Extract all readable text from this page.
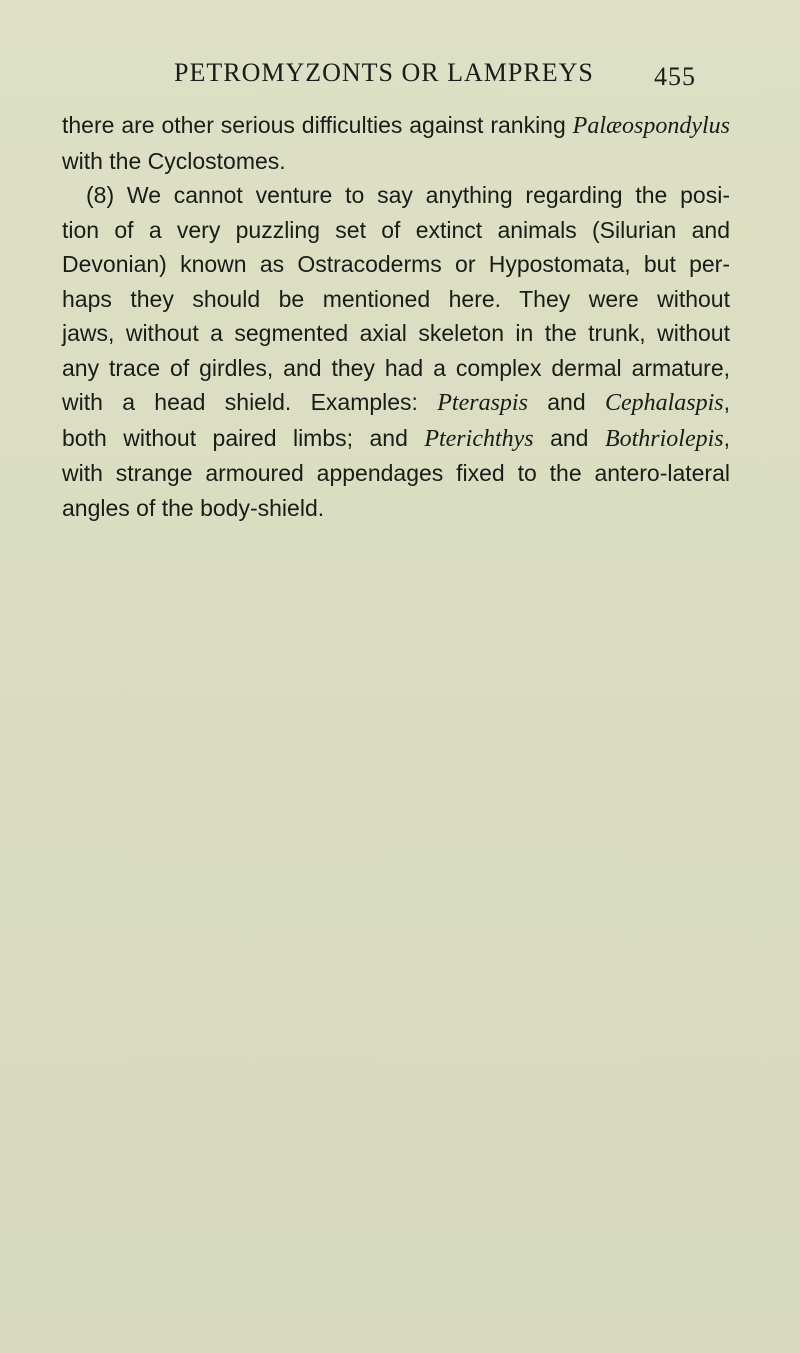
PETROMYZONTS OR LAMPREYS 455
there are other serious difficulties against ranking Palæospondylus
with the Cyclostomes.
(8) We cannot venture to say anything regarding the posi-
tion of a very puzzling set of extinct animals (Silurian and
Devonian) known as Ostracoderms or Hypostomata, but per-
haps they should be mentioned here. They were without
jaws, without a segmented axial skeleton in the trunk, without
any trace of girdles, and they had a complex dermal armature,
with a head shield. Examples: Pteraspis and Cephalaspis,
both without paired limbs; and Pterichthys and Bothriolepis,
with strange armoured appendages fixed to the antero-lateral
angles of the body-shield.
